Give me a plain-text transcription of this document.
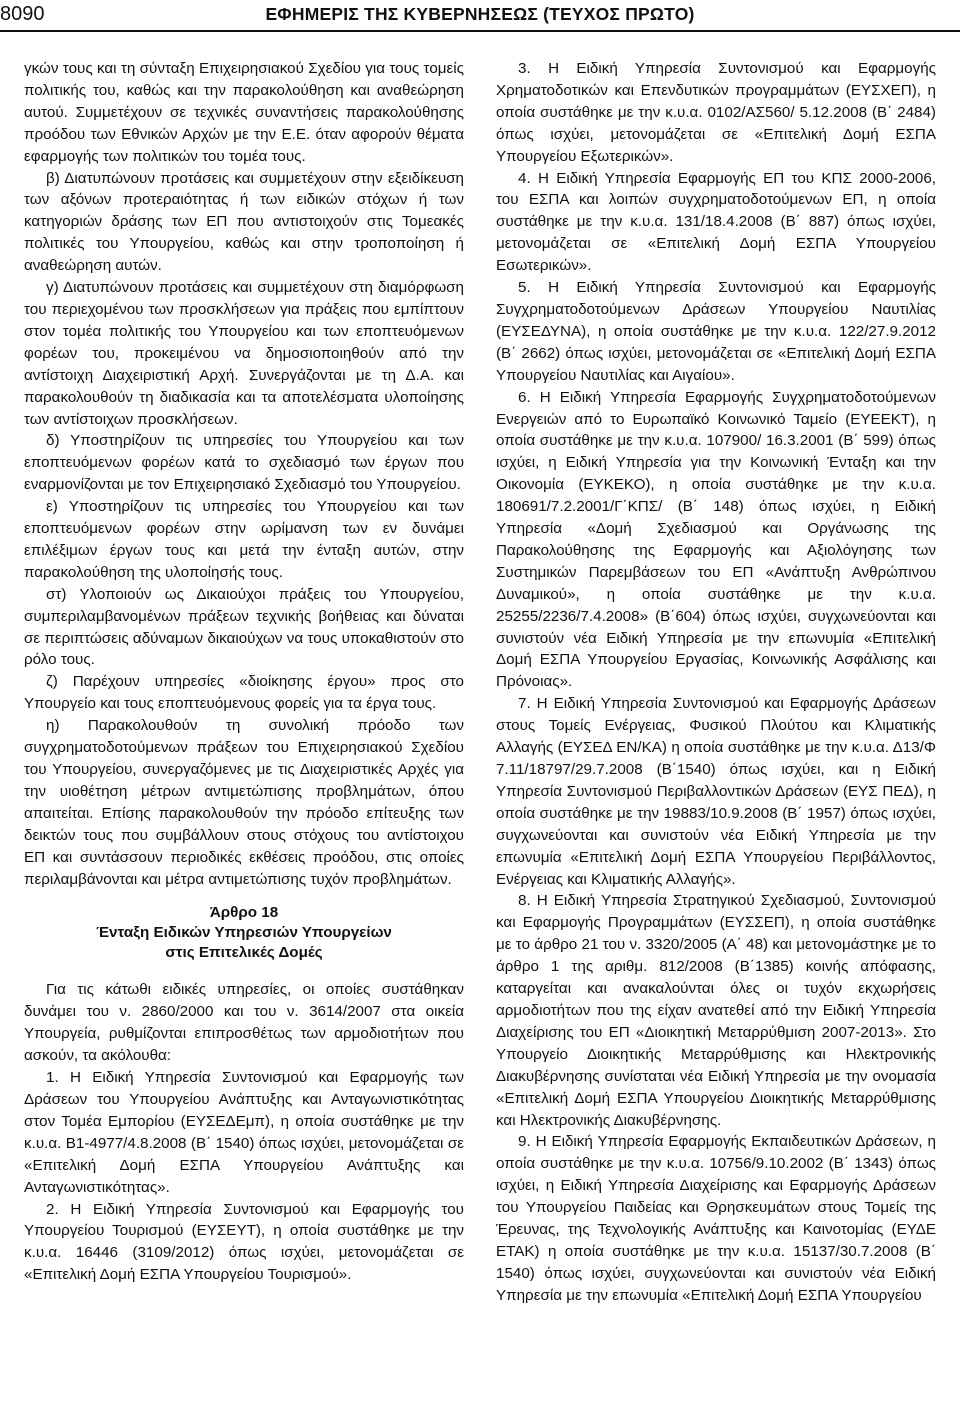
8090	ΕΦΗΜΕΡΙΣ ΤΗΣ ΚΥΒΕΡΝΗΣΕΩΣ (ΤΕΥΧΟΣ ΠΡΩΤΟ)

γκών τους και τη σύνταξη Επιχειρησιακού Σχεδίου για τους τομείς πολιτικής του, καθώς και την παρακολούθηση και αναθεώρηση αυτού. Συμμετέχουν σε τεχνικές συναντήσεις παρακολούθησης προόδου των Εθνικών Αρχών με την Ε.Ε. όταν αφορούν θέματα εφαρμογής των πολιτικών του τομέα τους.

β) Διατυπώνουν προτάσεις και συμμετέχουν στην εξειδίκευση των αξόνων προτεραιότητας ή των ειδικών στόχων ή των κατηγοριών δράσης των ΕΠ που αντιστοιχούν στις Τομεακές πολιτικές του Υπουργείου, καθώς και στην τροποποίηση ή αναθεώρηση αυτών.

γ) Διατυπώνουν προτάσεις και συμμετέχουν στη διαμόρφωση του περιεχομένου των προσκλήσεων για πράξεις που εμπίπτουν στον τομέα πολιτικής του Υπουργείου και των εποπτευόμενων φορέων του, προκειμένου να δημοσιοποιηθούν από την αντίστοιχη Διαχειριστική Αρχή. Συνεργάζονται με τη Δ.Α. και παρακολουθούν τη διαδικασία και τα αποτελέσματα υλοποίησης των αντίστοιχων προσκλήσεων.

δ) Υποστηρίζουν τις υπηρεσίες του Υπουργείου και των εποπτευόμενων φορέων κατά το σχεδιασμό των έργων που εναρμονίζονται με τον Επιχειρησιακό Σχεδιασμό του Υπουργείου.

ε) Υποστηρίζουν τις υπηρεσίες του Υπουργείου και των εποπτευόμενων φορέων στην ωρίμανση των εν δυνάμει επιλέξιμων έργων τους και μετά την ένταξη αυτών, στην παρακολούθηση της υλοποίησής τους.

στ) Υλοποιούν ως Δικαιούχοι πράξεις του Υπουργείου, συμπεριλαμβανομένων πράξεων τεχνικής βοήθειας και δύναται σε περιπτώσεις αδύναμων δικαιούχων να τους υποκαθιστούν στο ρόλο τους.

ζ) Παρέχουν υπηρεσίες «διοίκησης έργου» προς στο Υπουργείο και τους εποπτευόμενους φορείς για τα έργα τους.

η) Παρακολουθούν τη συνολική πρόοδο των συγχρηματοδοτούμενων πράξεων του Επιχειρησιακού Σχεδίου του Υπουργείου, συνεργαζόμενες με τις Διαχειριστικές Αρχές για την υιοθέτηση μέτρων αντιμετώπισης προβλημάτων, όπου απαιτείται. Επίσης παρακολουθούν την πρόοδο επίτευξης των δεικτών τους που συμβάλλουν στους στόχους του αντίστοιχου ΕΠ και συντάσσουν περιοδικές εκθέσεις προόδου, στις οποίες περιλαμβάνονται και μέτρα αντιμετώπισης τυχόν προβλημάτων.

Άρθρο 18
Ένταξη Ειδικών Υπηρεσιών Υπουργείων
στις Επιτελικές Δομές

Για τις κάτωθι ειδικές υπηρεσίες, οι οποίες συστάθηκαν δυνάμει του ν. 2860/2000 και του ν. 3614/2007 στα οικεία Υπουργεία, ρυθμίζονται επιπροσθέτως των αρμοδιοτήτων που ασκούν, τα ακόλουθα:

1. Η Ειδική Υπηρεσία Συντονισμού και Εφαρμογής των Δράσεων του Υπουργείου Ανάπτυξης και Ανταγωνιστικότητας στον Τομέα Εμπορίου (ΕΥΣΕΔΕμπ), η οποία συστάθηκε με την κ.υ.α. Β1-4977/4.8.2008 (Β΄ 1540) όπως ισχύει, μετονομάζεται σε «Επιτελική Δομή ΕΣΠΑ Υπουργείου Ανάπτυξης και Ανταγωνιστικότητας».

2. Η Ειδική Υπηρεσία Συντονισμού και Εφαρμογής του Υπουργείου Τουρισμού (ΕΥΣΕΥΤ), η οποία συστάθηκε με την κ.υ.α. 16446 (3109/2012) όπως ισχύει, μετονομάζεται σε «Επιτελική Δομή ΕΣΠΑ Υπουργείου Τουρισμού».

3. Η Ειδική Υπηρεσία Συντονισμού και Εφαρμογής Χρηματοδοτικών και Επενδυτικών προγραμμάτων (ΕΥΣΧΕΠ), η οποία συστάθηκε με την κ.υ.α. 0102/ΑΣ560/ 5.12.2008 (Β΄ 2484) όπως ισχύει, μετονομάζεται σε «Επιτελική Δομή ΕΣΠΑ Υπουργείου Εξωτερικών».

4. Η Ειδική Υπηρεσία Εφαρμογής ΕΠ του ΚΠΣ 2000-2006, του ΕΣΠΑ και λοιπών συγχρηματοδοτούμενων ΕΠ, η οποία συστάθηκε με την κ.υ.α. 131/18.4.2008 (Β΄ 887) όπως ισχύει, μετονομάζεται σε «Επιτελική Δομή ΕΣΠΑ Υπουργείου Εσωτερικών».

5. Η Ειδική Υπηρεσία Συντονισμού και Εφαρμογής Συγχρηματοδοτούμενων Δράσεων Υπουργείου Ναυτιλίας (ΕΥΣΕΔΥΝΑ), η οποία συστάθηκε με την κ.υ.α. 122/27.9.2012 (Β΄ 2662) όπως ισχύει, μετονομάζεται σε «Επιτελική Δομή ΕΣΠΑ Υπουργείου Ναυτιλίας και Αιγαίου».

6. Η Ειδική Υπηρεσία Εφαρμογής Συγχρηματοδοτούμενων Ενεργειών από το Ευρωπαϊκό Κοινωνικό Ταμείο (ΕΥΕΕΚΤ), η οποία συστάθηκε με την κ.υ.α. 107900/ 16.3.2001 (Β΄ 599) όπως ισχύει, η Ειδική Υπηρεσία για την Κοινωνική Ένταξη και την Οικονομία (ΕΥΚΕΚΟ), η οποία συστάθηκε με την κ.υ.α. 180691/7.2.2001/Γ΄ΚΠΣ/ (Β΄ 148) όπως ισχύει, η Ειδική Υπηρεσία «Δομή Σχεδιασμού και Οργάνωσης της Παρακολούθησης της Εφαρμογής και Αξιολόγησης των Συστημικών Παρεμβάσεων του ΕΠ «Ανάπτυξη Ανθρώπινου Δυναμικού», η οποία συστάθηκε με την κ.υ.α. 25255/2236/7.4.2008» (Β΄604) όπως ισχύει, συγχωνεύονται και συνιστούν νέα Ειδική Υπηρεσία με την επωνυμία «Επιτελική Δομή ΕΣΠΑ Υπουργείου Εργασίας, Κοινωνικής Ασφάλισης και Πρόνοιας».

7. Η Ειδική Υπηρεσία Συντονισμού και Εφαρμογής Δράσεων στους Τομείς Ενέργειας, Φυσικού Πλούτου και Κλιματικής Αλλαγής (ΕΥΣΕΔ ΕΝ/ΚΑ) η οποία συστάθηκε με την κ.υ.α. Δ13/Φ 7.11/18797/29.7.2008 (Β΄1540) όπως ισχύει, και η Ειδική Υπηρεσία Συντονισμού Περιβαλλοντικών Δράσεων (ΕΥΣ ΠΕΔ), η οποία συστάθηκε με την 19883/10.9.2008 (Β΄ 1957) όπως ισχύει, συγχωνεύονται και συνιστούν νέα Ειδική Υπηρεσία με την επωνυμία «Επιτελική Δομή ΕΣΠΑ Υπουργείου Περιβάλλοντος, Ενέργειας και Κλιματικής Αλλαγής».

8. Η Ειδική Υπηρεσία Στρατηγικού Σχεδιασμού, Συντονισμού και Εφαρμογής Προγραμμάτων (ΕΥΣΣΕΠ), η οποία συστάθηκε με το άρθρο 21 του ν. 3320/2005 (Α΄ 48) και μετονομάστηκε με το άρθρο 1 της αριθμ. 812/2008 (Β΄1385) κοινής απόφασης, καταργείται και ανακαλούνται όλες οι τυχόν εκχωρήσεις αρμοδιοτήτων που της είχαν ανατεθεί από την Ειδική Υπηρεσία Διαχείρισης του ΕΠ «Διοικητική Μεταρρύθμιση 2007-2013». Στο Υπουργείο Διοικητικής Μεταρρύθμισης και Ηλεκτρονικής Διακυβέρνησης συνίσταται νέα Ειδική Υπηρεσία με την ονομασία «Επιτελική Δομή ΕΣΠΑ Υπουργείου Διοικητικής Μεταρρύθμισης και Ηλεκτρονικής Διακυβέρνησης.

9. Η Ειδική Υπηρεσία Εφαρμογής Εκπαιδευτικών Δράσεων, η οποία συστάθηκε με την κ.υ.α. 10756/9.10.2002 (Β΄ 1343) όπως ισχύει, η Ειδική Υπηρεσία Διαχείρισης και Εφαρμογής Δράσεων του Υπουργείου Παιδείας και Θρησκευμάτων στους Τομείς της Έρευνας, της Τεχνολογικής Ανάπτυξης και Καινοτομίας (ΕΥΔΕ ΕΤΑΚ) η οποία συστάθηκε με την κ.υ.α. 15137/30.7.2008 (Β΄ 1540) όπως ισχύει, συγχωνεύονται και συνιστούν νέα Ειδική Υπηρεσία με την επωνυμία «Επιτελική Δομή ΕΣΠΑ Υπουργείου
